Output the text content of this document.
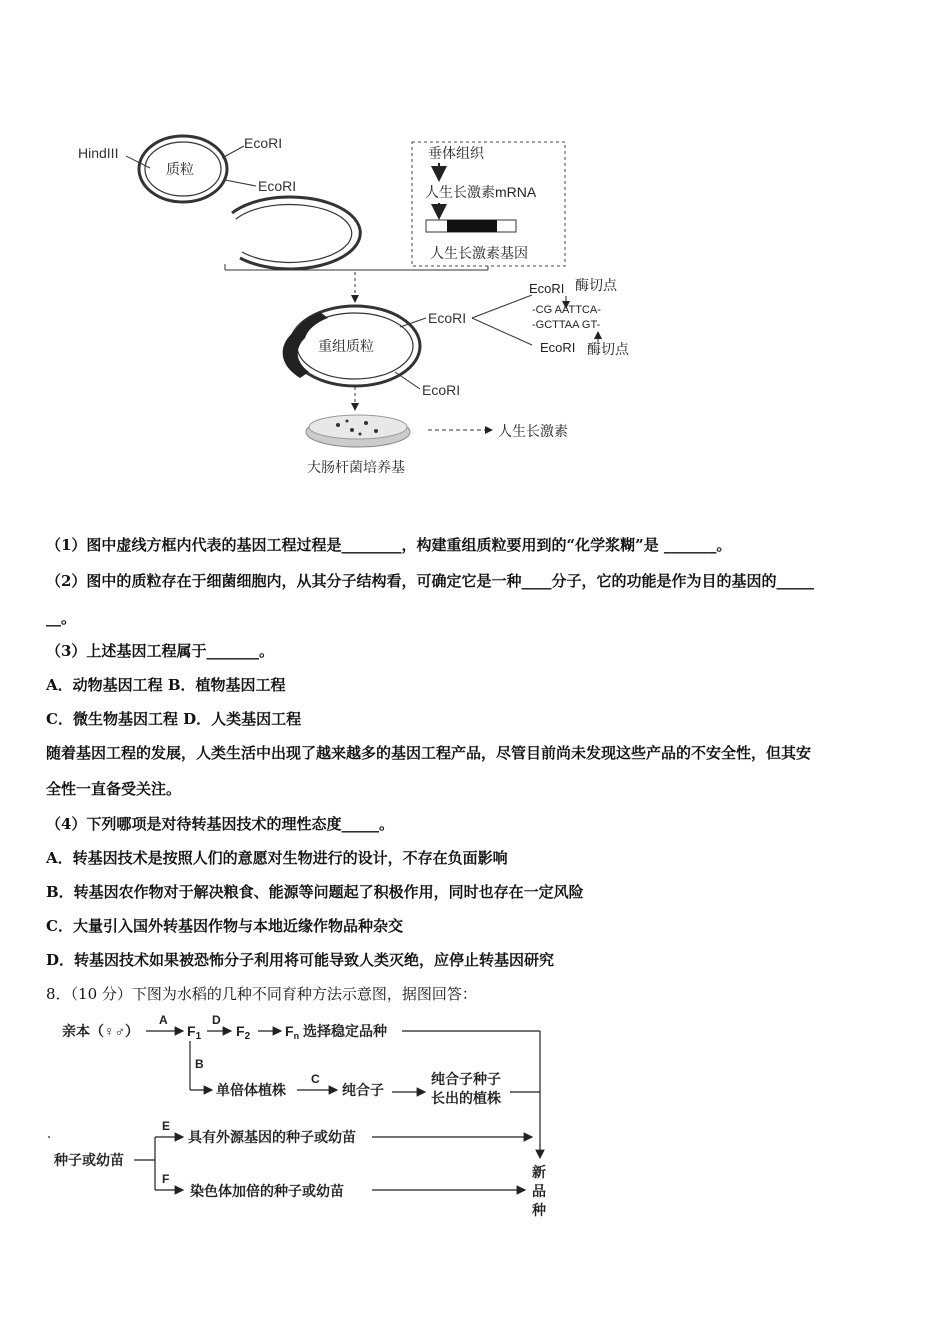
质粒
HindIII
EcoRI
EcoRI
垂体组织
人生长激素mRNA
人生长激素基因
重组质粒
EcoRI
EcoRI
EcoRI 酶切点
-CG AATTCA-
-GCTTAA GT-
EcoRI 酶切点
人生长激素
大肠杆菌培养基
（1）图中虚线方框内代表的基因工程过程是________，构建重组质粒要用到的“化学浆糊”是 _______。
（2）图中的质粒存在于细菌细胞内，从其分子结构看，可确定它是一种____分子，它的功能是作为目的基因的_____
__。
（3）上述基因工程属于_______。
A．动物基因工程 B．植物基因工程
C．微生物基因工程 D．人类基因工程
随着基因工程的发展，人类生活中出现了越来越多的基因工程产品，尽管目前尚未发现这些产品的不安全性，但其安
全性一直备受关注。
（4）下列哪项是对待转基因技术的理性态度_____。
A．转基因技术是按照人们的意愿对生物进行的设计，不存在负面影响
B．转基因农作物对于解决粮食、能源等问题起了积极作用，同时也存在一定风险
C．大量引入国外转基因作物与本地近缘作物品种杂交
D．转基因技术如果被恐怖分子利用将可能导致人类灭绝，应停止转基因研究
8．（10 分）下图为水稻的几种不同育种方法示意图，据图回答：
亲本（♀♂）
A
$F_1$
D
$F_2$ $F_n$ 选择稳定品种
B
单倍体植株
C
纯合子
纯合子种子
长出的植株
种子或幼苗
E
具有外源基因的种子或幼苗
F
染色体加倍的种子或幼苗
新
品
种
